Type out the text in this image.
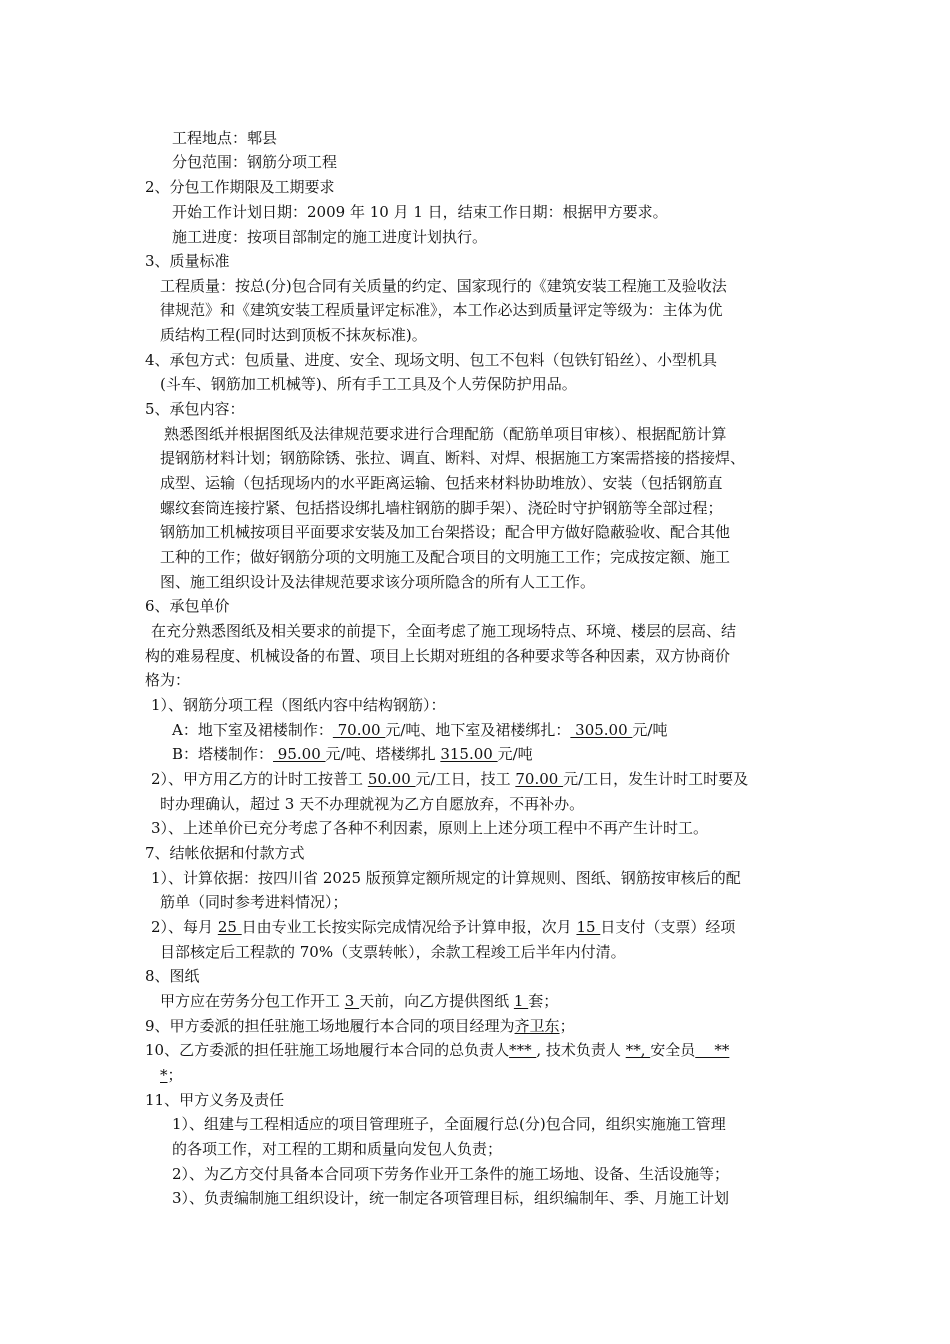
工程地点：郫县
分包范围：钢筋分项工程
2、分包工作期限及工期要求
开始工作计划日期：2009 年 10 月 1 日，结束工作日期：根据甲方要求。
施工进度：按项目部制定的施工进度计划执行。
3、质量标准
工程质量：按总(分)包合同有关质量的约定、国家现行的《建筑安装工程施工及验收法
律规范》和《建筑安装工程质量评定标准》，本工作必达到质量评定等级为：主体为优
质结构工程(同时达到顶板不抹灰标准)。
4、承包方式：包质量、进度、安全、现场文明、包工不包料（包铁钉铅丝）、小型机具
(斗车、钢筋加工机械等)、所有手工工具及个人劳保防护用品。
5、承包内容：
熟悉图纸并根据图纸及法律规范要求进行合理配筋（配筋单项目审核）、根据配筋计算
提钢筋材料计划；钢筋除锈、张拉、调直、断料、对焊、根据施工方案需搭接的搭接焊、
成型、运输（包括现场内的水平距离运输、包括来材料协助堆放）、安装（包括钢筋直
螺纹套筒连接拧紧、包括搭设绑扎墙柱钢筋的脚手架）、浇砼时守护钢筋等全部过程；
钢筋加工机械按项目平面要求安装及加工台架搭设；配合甲方做好隐蔽验收、配合其他
工种的工作；做好钢筋分项的文明施工及配合项目的文明施工工作；完成按定额、施工
图、施工组织设计及法律规范要求该分项所隐含的所有人工工作。
6、承包单价
在充分熟悉图纸及相关要求的前提下，全面考虑了施工现场特点、环境、楼层的层高、结
构的难易程度、机械设备的布置、项目上长期对班组的各种要求等各种因素，双方协商价
格为：
1）、钢筋分项工程（图纸内容中结构钢筋）：
A：地下室及裙楼制作： 70.00 元/吨、地下室及裙楼绑扎： 305.00 元/吨
B：塔楼制作： 95.00 元/吨、塔楼绑扎 315.00 元/吨
2）、甲方用乙方的计时工按普工 50.00 元/工日，技工 70.00 元/工日，发生计时工时要及
时办理确认，超过 3 天不办理就视为乙方自愿放弃，不再补办。
3）、上述单价已充分考虑了各种不利因素，原则上上述分项工程中不再产生计时工。
7、结帐依据和付款方式
1）、计算依据：按四川省 2025 版预算定额所规定的计算规则、图纸、钢筋按审核后的配
筋单（同时参考进料情况）；
2）、每月 25 日由专业工长按实际完成情况给予计算申报，次月 15 日支付（支票）经项
目部核定后工程款的 70%（支票转帐），余款工程竣工后半年内付清。
8、图纸
甲方应在劳务分包工作开工 3 天前，向乙方提供图纸 1 套；
9、甲方委派的担任驻施工场地履行本合同的项目经理为齐卫东；
10、乙方委派的担任驻施工场地履行本合同的总负责人*** , 技术负责人 **, 安全员    **
*；
11、甲方义务及责任
1）、组建与工程相适应的项目管理班子，全面履行总(分)包合同，组织实施施工管理
的各项工作，对工程的工期和质量向发包人负责；
2）、为乙方交付具备本合同项下劳务作业开工条件的施工场地、设备、生活设施等；
3）、负责编制施工组织设计，统一制定各项管理目标，组织编制年、季、月施工计划
